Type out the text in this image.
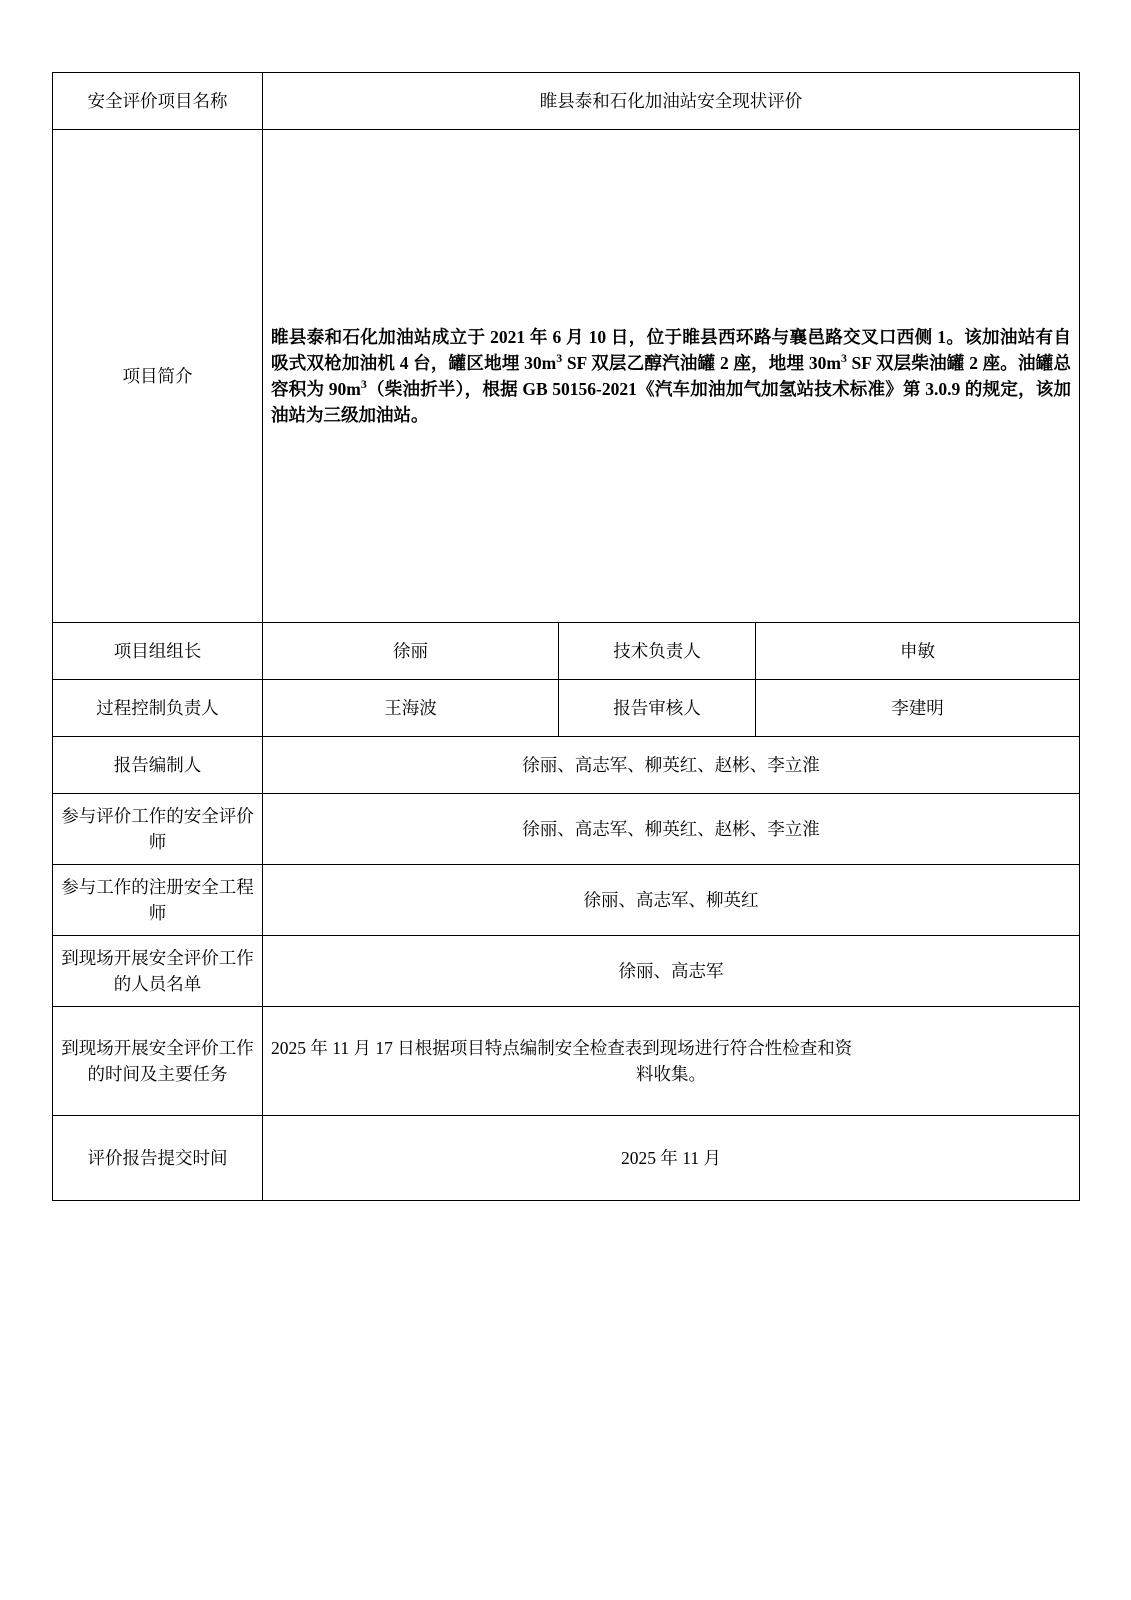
安全评价项目名称	睢县泰和石化加油站安全现状评价		
项目简介	睢县泰和石化加油站成立于 2021 年 6 月 10 日，位于睢县西环路与襄邑路交叉口西侧 1。该加油站有自吸式双枪加油机 4 台，罐区地埋 $30m^3$ SF 双层乙醇汽油罐 2 座，地埋 $30m^3$ SF 双层柴油罐 2 座。油罐总容积为 $90m^3$（柴油折半），根据 GB 50156-2021《汽车加油加气加氢站技术标准》第 3.0.9 的规定，该加油站为三级加油站。		

项目组组长	徐丽	技术负责人	申敏
过程控制负责人	王海波	报告审核人	李建明
报告编制人	徐丽、高志军、柳英红、赵彬、李立淮		
参与评价工作的安全评价师	徐丽、高志军、柳英红、赵彬、李立淮		
参与工作的注册安全工程师	徐丽、高志军、柳英红		
到现场开展安全评价工作的人员名单	徐丽、高志军		
到现场开展安全评价工作的时间及主要任务	2025 年 11 月 17 日根据项目特点编制安全检查表到现场进行符合性检查和资
料收集。		

评价报告提交时间	2025 年 11 月		
